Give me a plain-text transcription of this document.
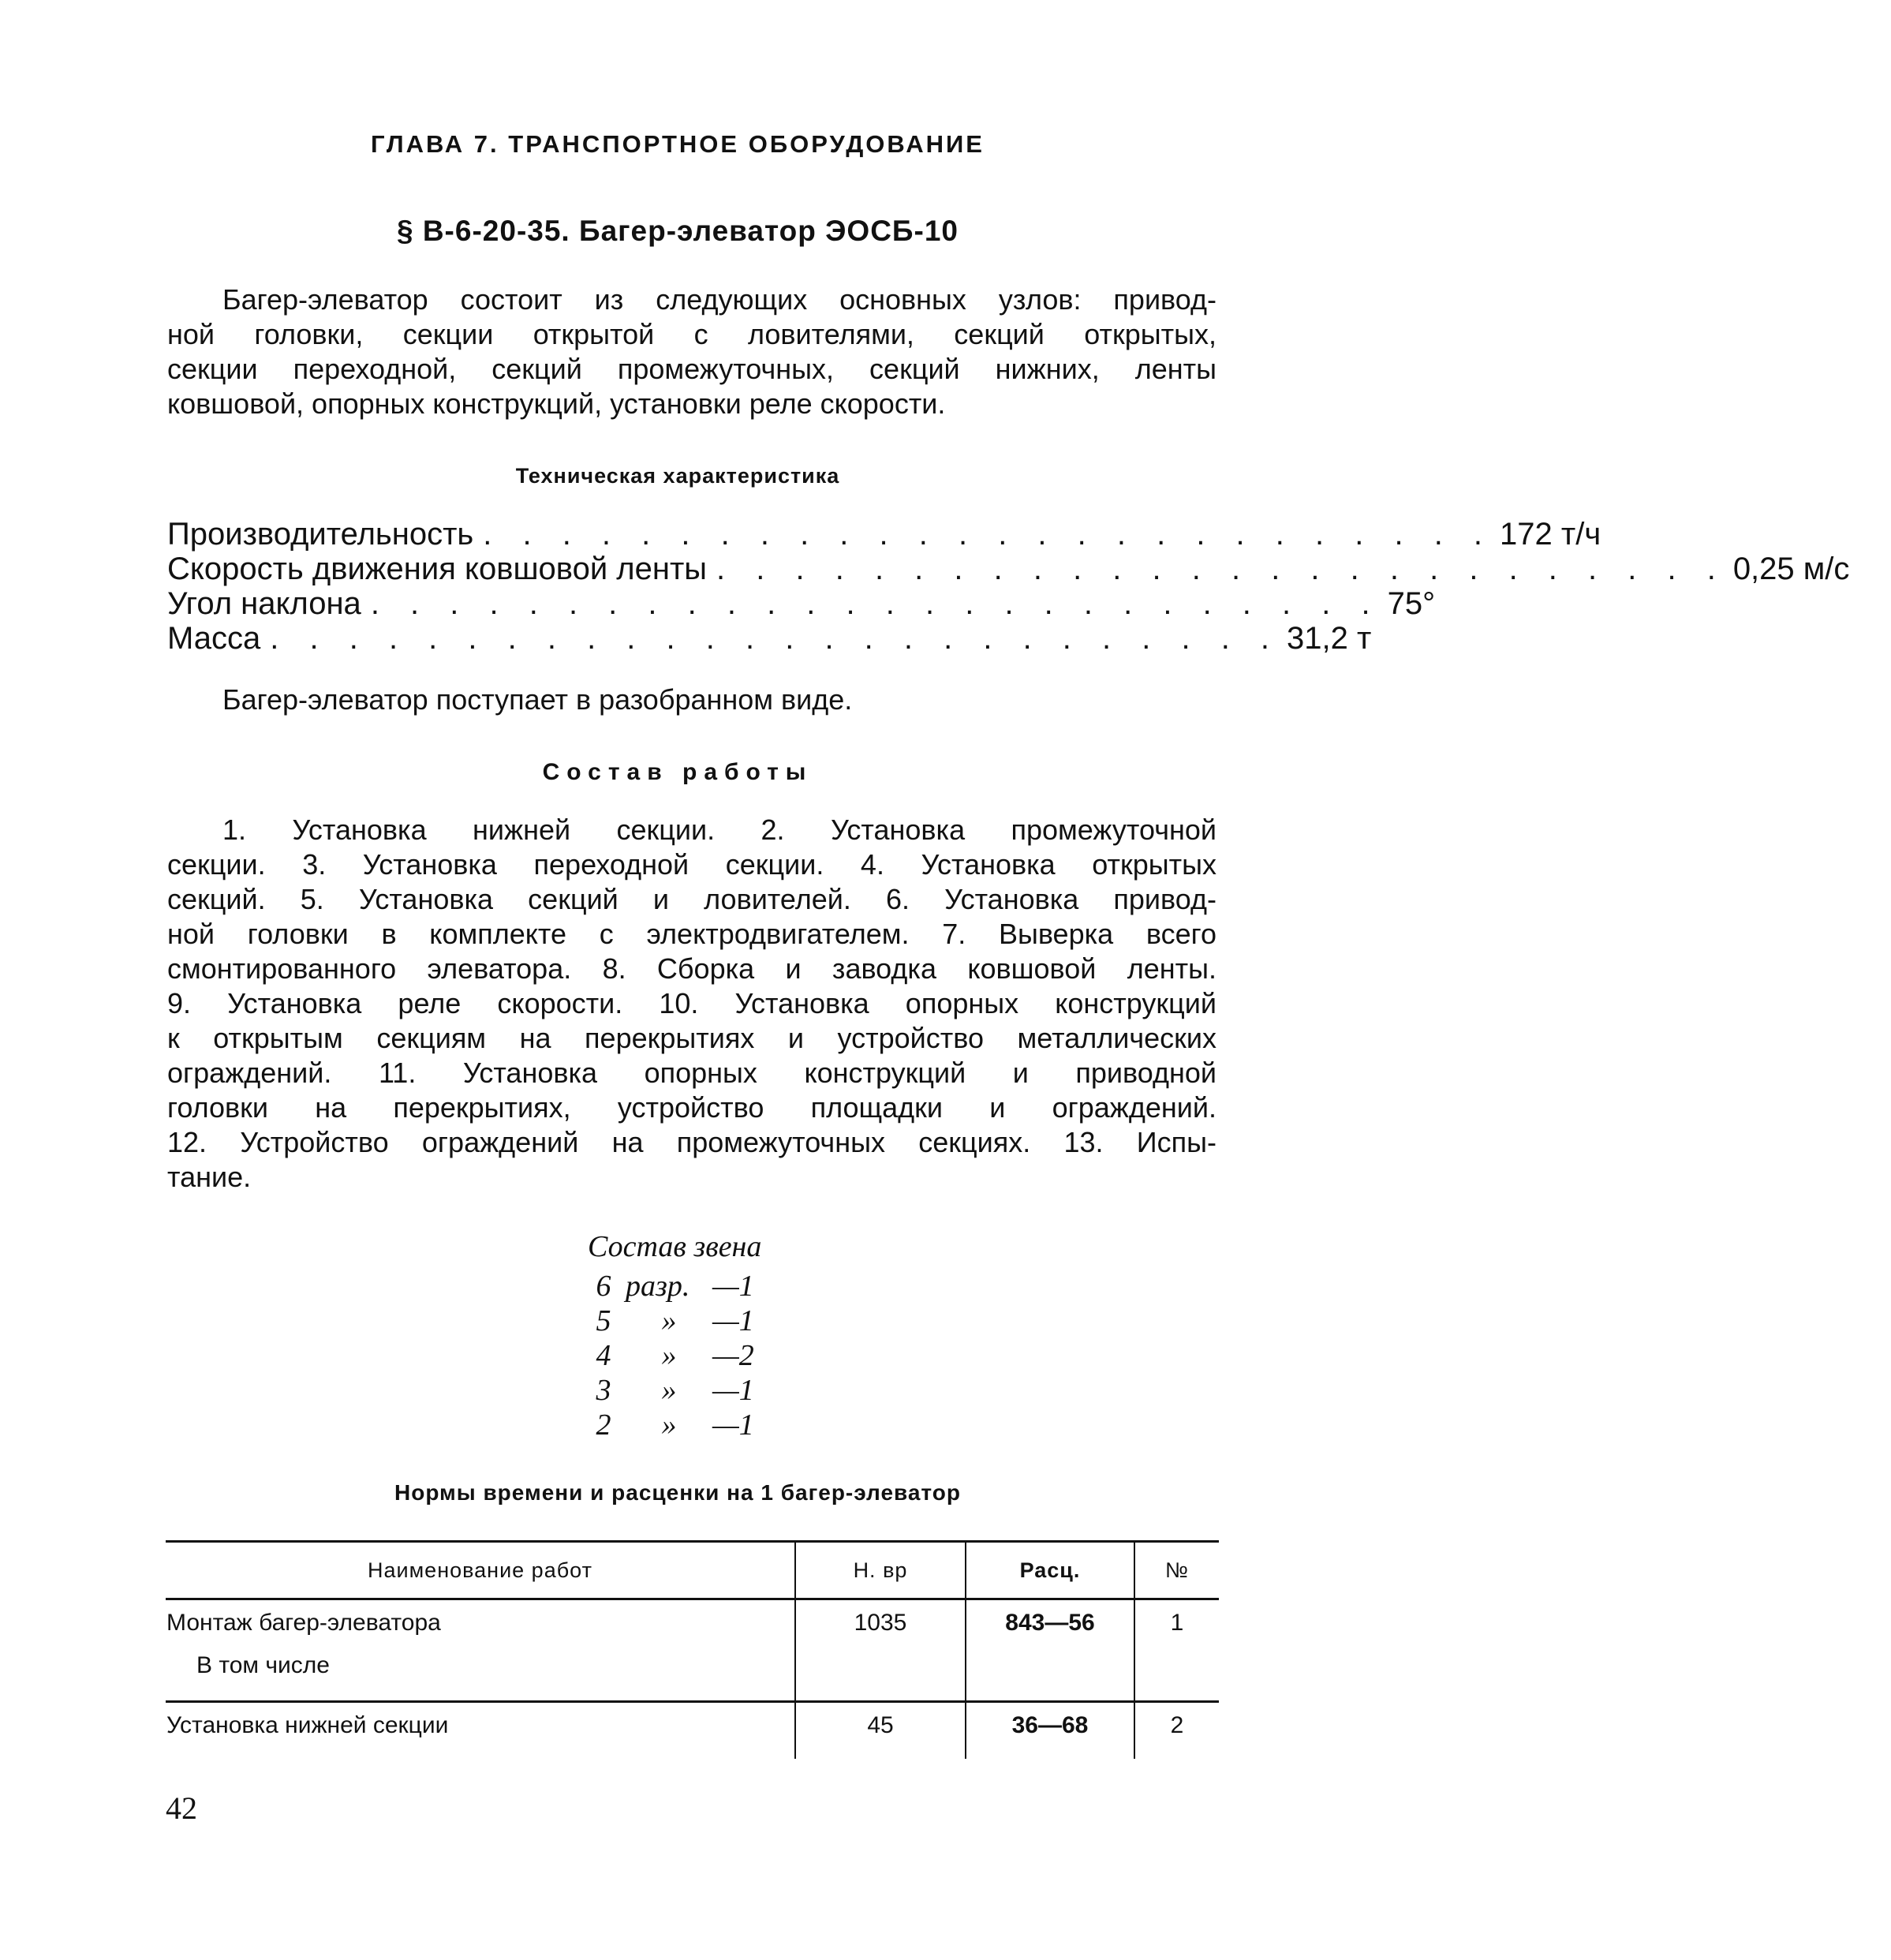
ГЛАВА 7. ТРАНСПОРТНОЕ ОБОРУДОВАНИЕ
§ В-6-20-35. Багер-элеватор ЭОСБ-10

Багер-элеватор состоит из следующих основных узлов: привод-
ной головки, секции открытой с ловителями, секций открытых,
секции переходной, секций промежуточных, секций нижних, ленты
ковшовой, опорных конструкций, установки реле скорости.

Техническая характеристика
Производительность . . . . . . . . . . . . . . . . . . . . . . . . . . 172 т/ч
Скорость движения ковшовой ленты . . . . . . . . . . . . . . . . . . . . . . . . . . 0,25 м/с
Угол наклона . . . . . . . . . . . . . . . . . . . . . . . . . . 75°
Масса . . . . . . . . . . . . . . . . . . . . . . . . . . 31,2 т

Багер-элеватор поступает в разобранном виде.

Состав работы

1. Установка нижней секции. 2. Установка промежуточной
секции. 3. Установка переходной секции. 4. Установка открытых
секций. 5. Установка секций и ловителей. 6. Установка привод-
ной головки в комплекте с электродвигателем. 7. Выверка всего
смонтированного элеватора. 8. Сборка и заводка ковшовой ленты.
9. Установка реле скорости. 10. Установка опорных конструкций
к открытым секциям на перекрытиях и устройство металлических
ограждений. 11. Установка опорных конструкций и приводной
головки на перекрытиях, устройство площадки и ограждений.
12. Устройство ограждений на промежуточных секциях. 13. Испы-
тание.

Состав звена
6 разр. —1
5	»	—1
4	»	—2
3	»	—1
2	»	—1
Нормы времени и расценки на 1 багер-элеватор
Наименование работ	Н. вр	Расц.	№
Монтаж багер-элеватора
В том числе	1035	843—56	1
Установка нижней секции	45	36—68	2
42
